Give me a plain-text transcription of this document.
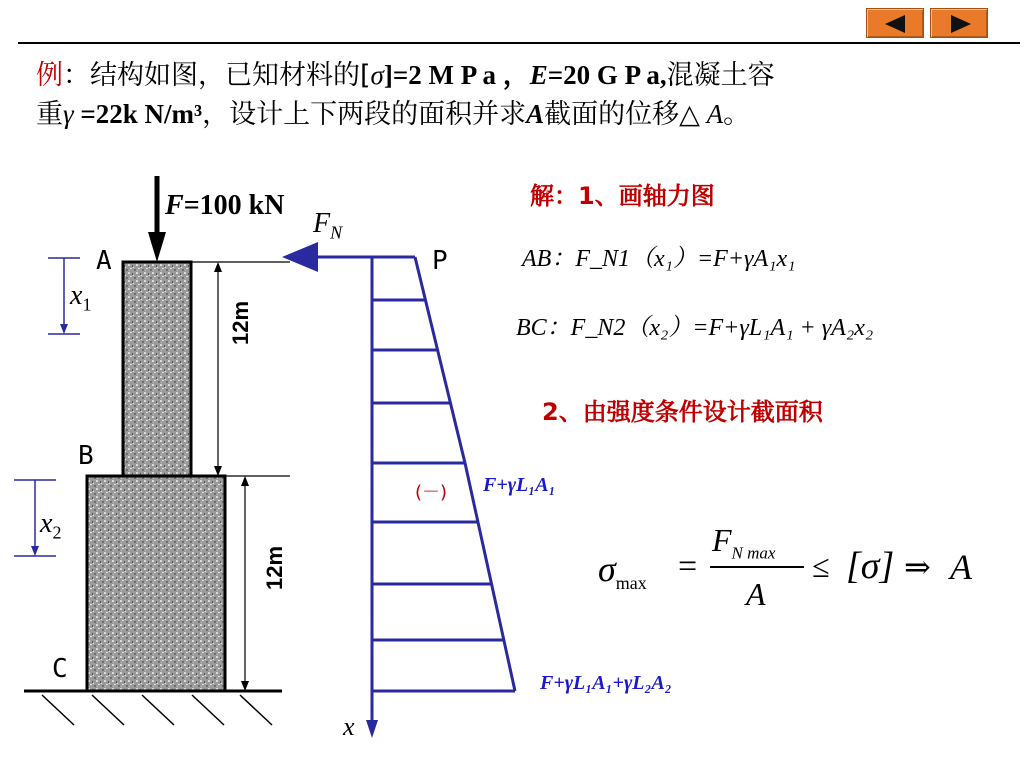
例：结构如图，已知材料的[σ]=2 M P a ，E=20 G P a,混凝土容
重γ =22k N/m³，设计上下两段的面积并求A截面的位移△ A。
F=100 kN
$F_N$
A
B
C
P
$x_1$
$x_2$
12m
12m
x
(－) F+γL₁A₁
F+γL₁A₁+γL₂A₂
解：1、画轴力图
AB：F_N1（x₁）=F+γA₁x₁
BC：F_N2（x₂）=F+γL₁A₁ + γA₂x₂
2、由强度条件设计截面积
$\sigma_{max}$ =
$F_{N max}$
A
≤ [σ] ⇒ A
